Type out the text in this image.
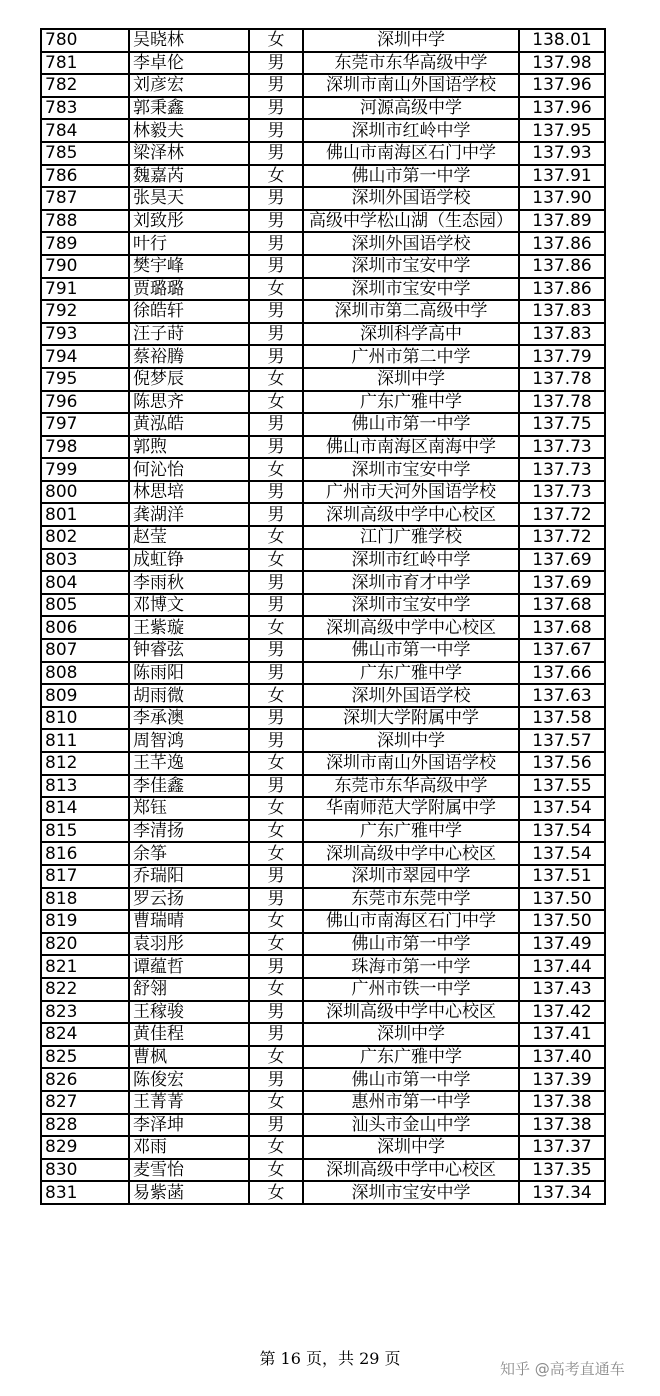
780	吴晓林	女	深圳中学	138.01
781	李卓伦	男	东莞市东华高级中学	137.98
782	刘彦宏	男	深圳市南山外国语学校	137.96
783	郭秉鑫	男	河源高级中学	137.96
784	林毅夫	男	深圳市红岭中学	137.95
785	梁泽林	男	佛山市南海区石门中学	137.93
786	魏嘉芮	女	佛山市第一中学	137.91
787	张昊天	男	深圳外国语学校	137.90
788	刘致彤	男	高级中学松山湖（生态园）	137.89
789	叶行	男	深圳外国语学校	137.86
790	樊宇峰	男	深圳市宝安中学	137.86
791	贾璐璐	女	深圳市宝安中学	137.86
792	徐皓轩	男	深圳市第二高级中学	137.83
793	汪子莳	男	深圳科学高中	137.83
794	蔡裕腾	男	广州市第二中学	137.79
795	倪梦辰	女	深圳中学	137.78
796	陈思齐	女	广东广雅中学	137.78
797	黄泓皓	男	佛山市第一中学	137.75
798	郭煦	男	佛山市南海区南海中学	137.73
799	何沁怡	女	深圳市宝安中学	137.73
800	林思培	男	广州市天河外国语学校	137.73
801	龚湖洋	男	深圳高级中学中心校区	137.72
802	赵莹	女	江门广雅学校	137.72
803	成虹铮	女	深圳市红岭中学	137.69
804	李雨秋	男	深圳市育才中学	137.69
805	邓博文	男	深圳市宝安中学	137.68
806	王紫璇	女	深圳高级中学中心校区	137.68
807	钟睿弦	男	佛山市第一中学	137.67
808	陈雨阳	男	广东广雅中学	137.66
809	胡雨微	女	深圳外国语学校	137.63
810	李承澳	男	深圳大学附属中学	137.58
811	周智鸿	男	深圳中学	137.57
812	王芊逸	女	深圳市南山外国语学校	137.56
813	李佳鑫	男	东莞市东华高级中学	137.55
814	郑钰	女	华南师范大学附属中学	137.54
815	李清扬	女	广东广雅中学	137.54
816	余筝	女	深圳高级中学中心校区	137.54
817	乔瑞阳	男	深圳市翠园中学	137.51
818	罗云扬	男	东莞市东莞中学	137.50
819	曹瑞晴	女	佛山市南海区石门中学	137.50
820	袁羽彤	女	佛山市第一中学	137.49
821	谭蕴哲	男	珠海市第一中学	137.44
822	舒翎	女	广州市铁一中学	137.43
823	王稼骏	男	深圳高级中学中心校区	137.42
824	黄佳程	男	深圳中学	137.41
825	曹枫	女	广东广雅中学	137.40
826	陈俊宏	男	佛山市第一中学	137.39
827	王菁菁	女	惠州市第一中学	137.38
828	李泽坤	男	汕头市金山中学	137.38
829	邓雨	女	深圳中学	137.37
830	麦雪怡	女	深圳高级中学中心校区	137.35
831	易紫菡	女	深圳市宝安中学	137.34
第 16 页，共 29 页
知乎 @高考直通车
